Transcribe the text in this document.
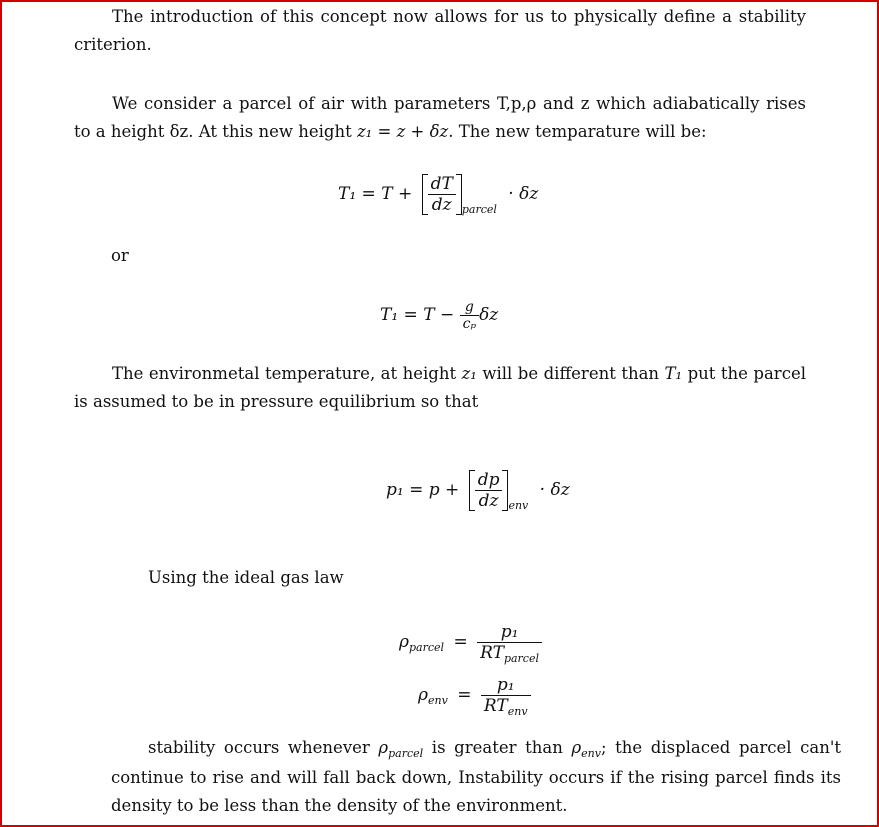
The introduction of this concept now allows for us to physically define a stability criterion.
We consider a parcel of air with parameters T,p,ρ and z which adiabatically rises to a height δz. At this new height z₁ = z + δz. The new temparature will be:
$T_1 = T + \frac{dT}{dz} _{parcel} \cdot \delta z$
or
$T_1 = T - \frac{g}{\text{cₚ}}$ δz
The environmetal temperature, at height z₁ will be different than T₁ put the parcel is assumed to be in pressure equilibrium so that
$p_1 = p + \frac{dp}{dz} _{env} \cdot \delta z$
Using the ideal gas law
$\rho_{parcel} = \frac{\text{p₁}}{RT_{parcel}}$
$\rho_{env} = \frac{\text{p₁}}{RT_{env}}$
stability occurs whenever $\rho_{parcel}$ is greater than $\rho_{env}$; the displaced parcel can't continue to rise and will fall back down, Instability occurs if the rising parcel finds its density to be less than the density of the environment.
